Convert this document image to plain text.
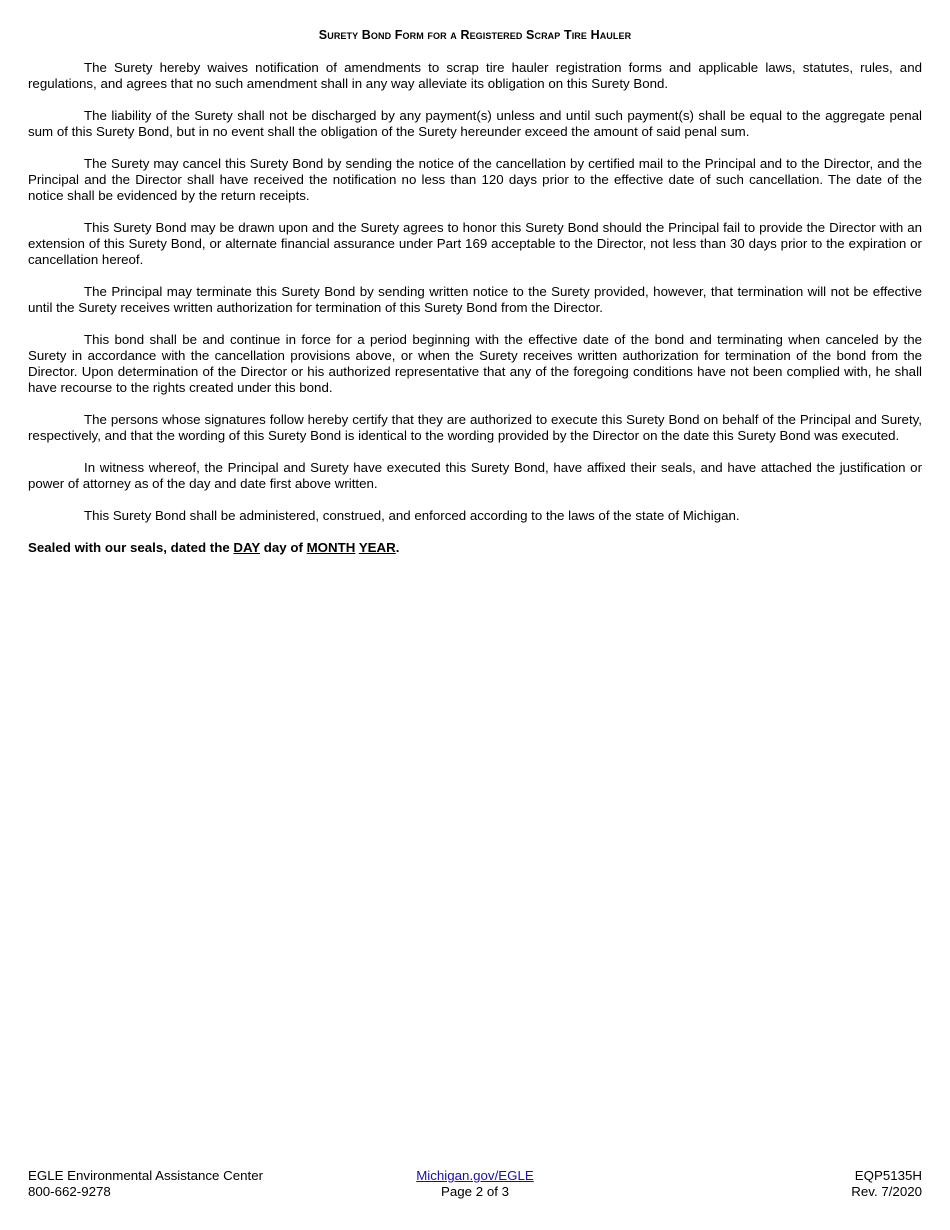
Surety Bond Form for a Registered Scrap Tire Hauler

The Surety hereby waives notification of amendments to scrap tire hauler registration forms and applicable laws, statutes, rules, and regulations, and agrees that no such amendment shall in any way alleviate its obligation on this Surety Bond.

The liability of the Surety shall not be discharged by any payment(s) unless and until such payment(s) shall be equal to the aggregate penal sum of this Surety Bond, but in no event shall the obligation of the Surety hereunder exceed the amount of said penal sum.

The Surety may cancel this Surety Bond by sending the notice of the cancellation by certified mail to the Principal and to the Director, and the Principal and the Director shall have received the notification no less than 120 days prior to the effective date of such cancellation. The date of the notice shall be evidenced by the return receipts.

This Surety Bond may be drawn upon and the Surety agrees to honor this Surety Bond should the Principal fail to provide the Director with an extension of this Surety Bond, or alternate financial assurance under Part 169 acceptable to the Director, not less than 30 days prior to the expiration or cancellation hereof.

The Principal may terminate this Surety Bond by sending written notice to the Surety provided, however, that termination will not be effective until the Surety receives written authorization for termination of this Surety Bond from the Director.

This bond shall be and continue in force for a period beginning with the effective date of the bond and terminating when canceled by the Surety in accordance with the cancellation provisions above, or when the Surety receives written authorization for termination of the bond from the Director. Upon determination of the Director or his authorized representative that any of the foregoing conditions have not been complied with, he shall have recourse to the rights created under this bond.

The persons whose signatures follow hereby certify that they are authorized to execute this Surety Bond on behalf of the Principal and Surety, respectively, and that the wording of this Surety Bond is identical to the wording provided by the Director on the date this Surety Bond was executed.

In witness whereof, the Principal and Surety have executed this Surety Bond, have affixed their seals, and have attached the justification or power of attorney as of the day and date first above written.

This Surety Bond shall be administered, construed, and enforced according to the laws of the state of Michigan.

Sealed with our seals, dated the DAY day of MONTH YEAR.
EGLE Environmental Assistance Center
800-662-9278
Michigan.gov/EGLE
Page 2 of 3
EQP5135H
Rev. 7/2020
